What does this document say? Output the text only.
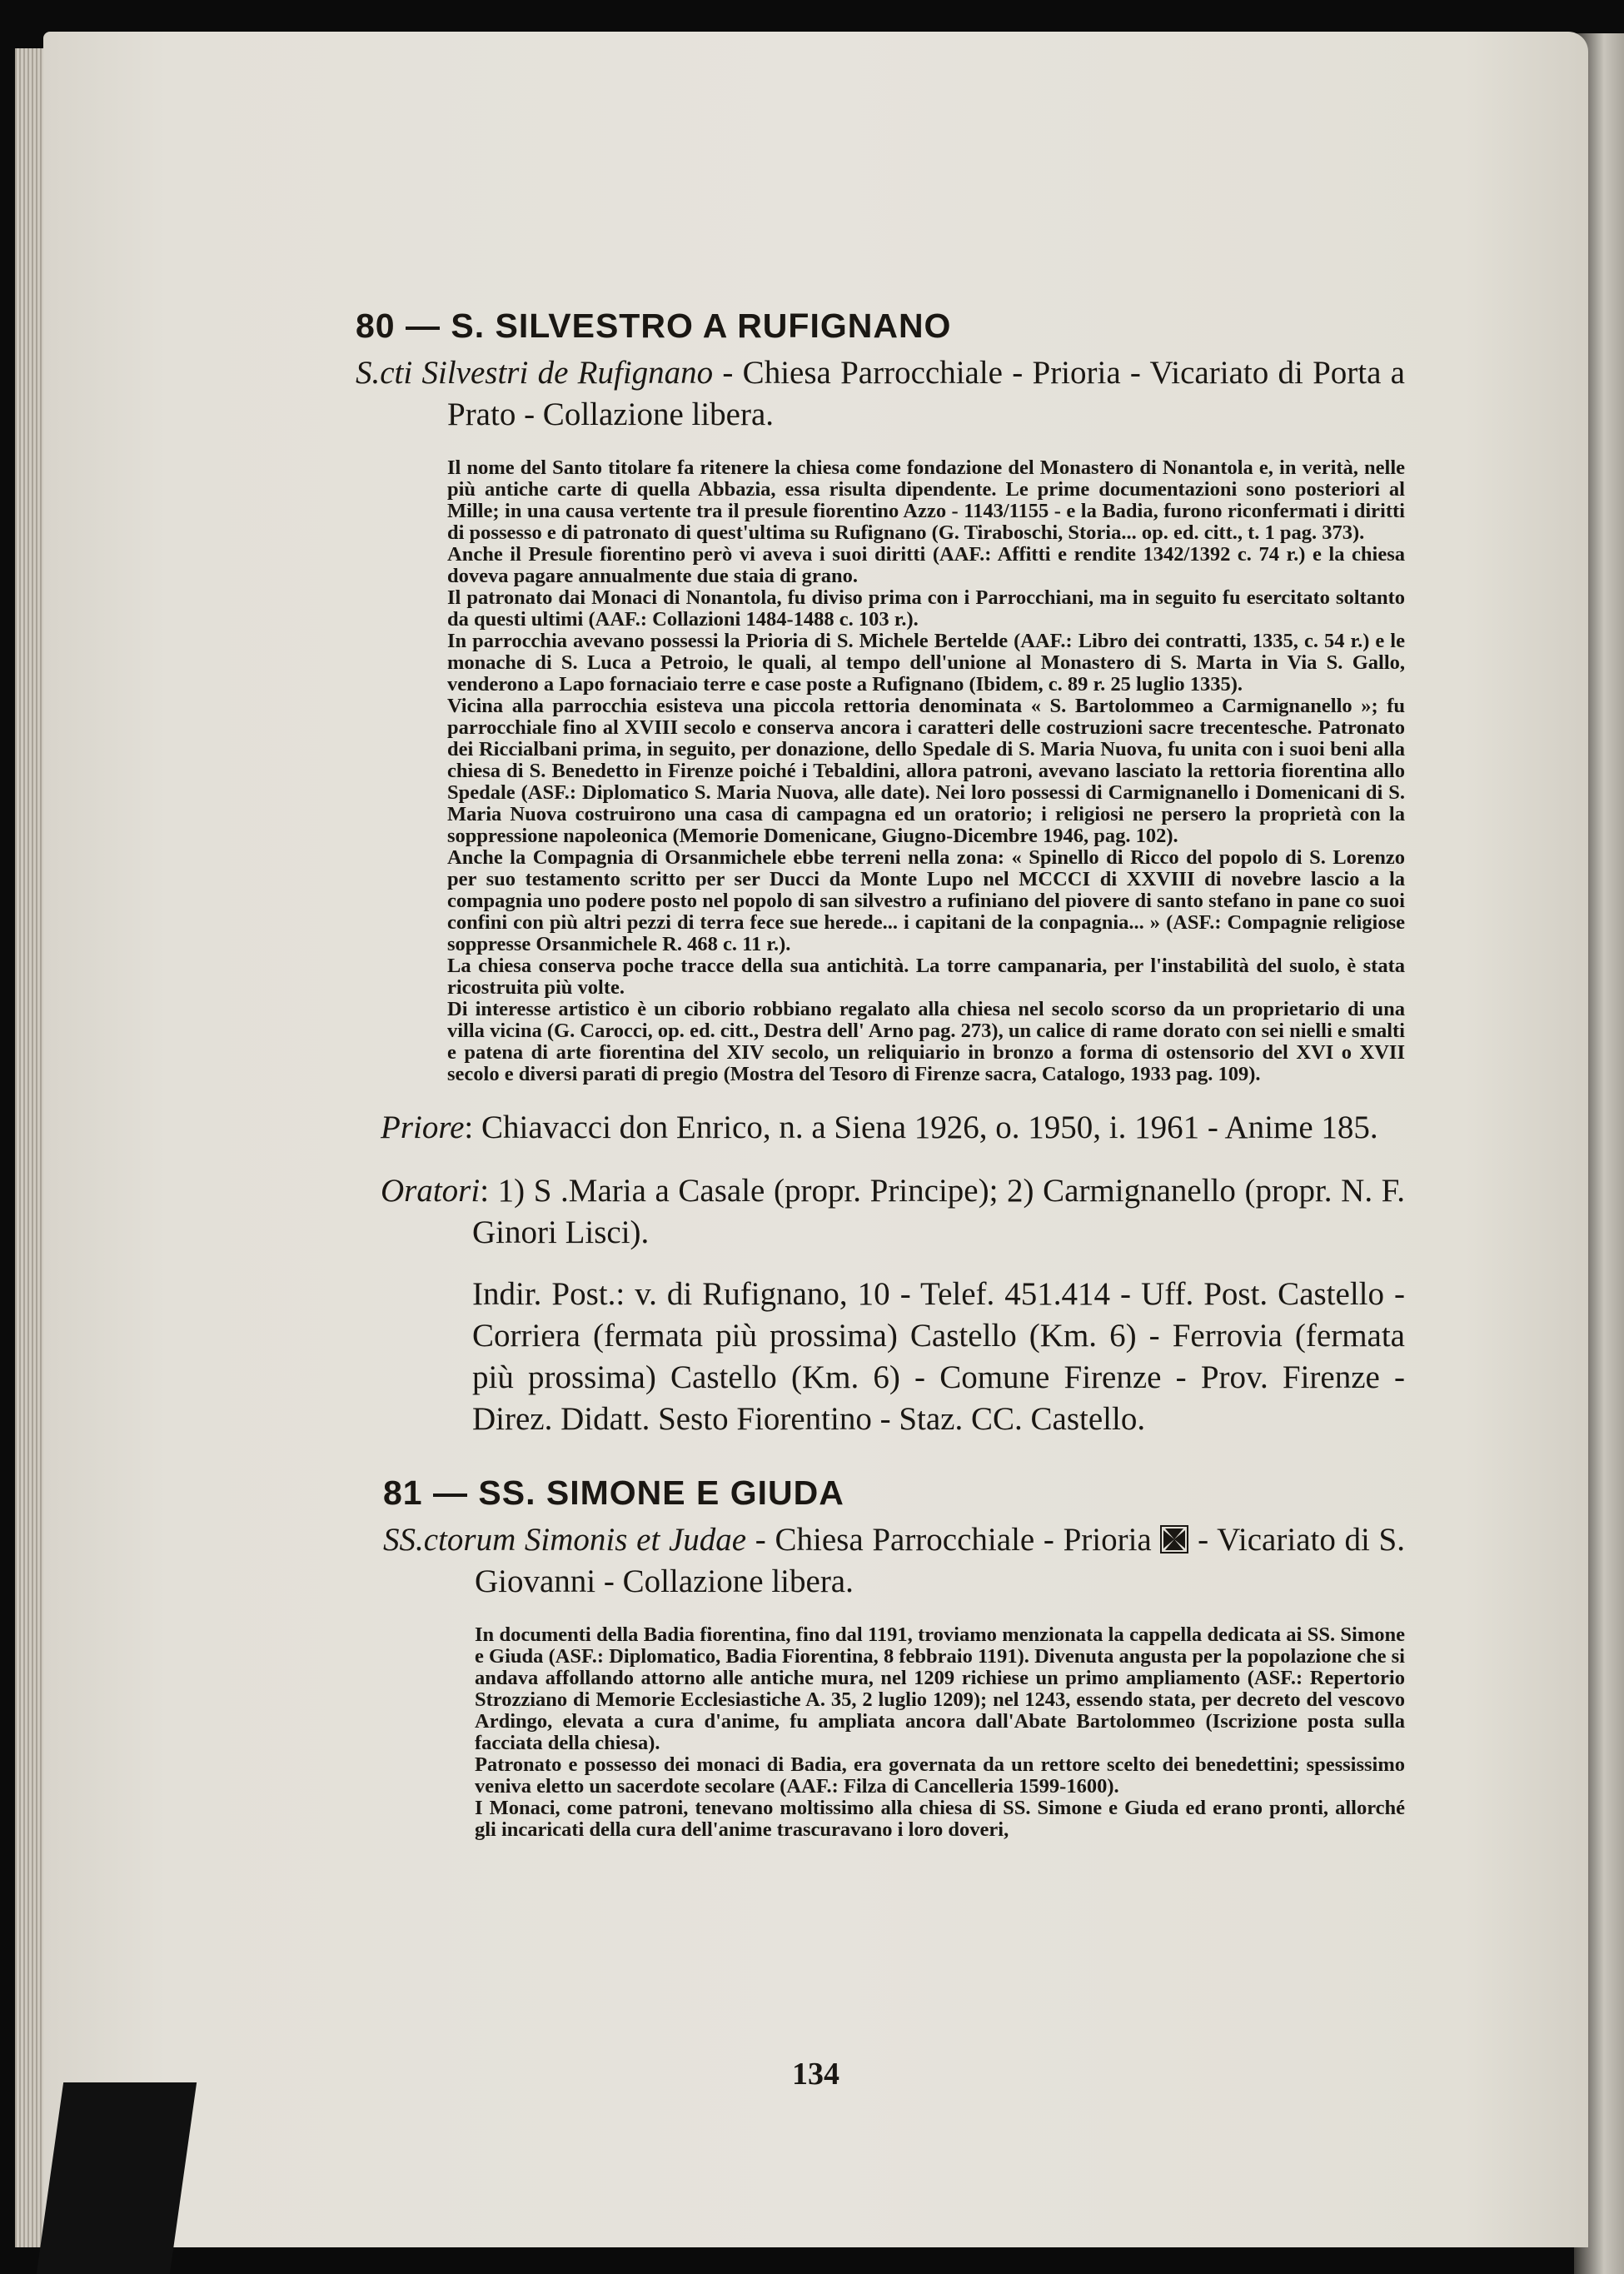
80 — S. SILVESTRO A RUFIGNANO
S.cti Silvestri de Rufignano - Chiesa Parrocchiale - Prioria - Vicariato di Porta a Prato - Collazione libera.

Il nome del Santo titolare fa ritenere la chiesa come fondazione del Monastero di Nonantola e, in verità, nelle più antiche carte di quella Abbazia, essa risulta dipendente. Le prime documentazioni sono posteriori al Mille; in una causa vertente tra il presule fiorentino Azzo - 1143/1155 - e la Badia, furono riconfermati i diritti di possesso e di patronato di quest'ultima su Rufignano (G. Tiraboschi, Storia... op. ed. citt., t. 1 pag. 373).

Anche il Presule fiorentino però vi aveva i suoi diritti (AAF.: Affitti e rendite 1342/1392 c. 74 r.) e la chiesa doveva pagare annualmente due staia di grano.

Il patronato dai Monaci di Nonantola, fu diviso prima con i Parrocchiani, ma in seguito fu esercitato soltanto da questi ultimi (AAF.: Collazioni 1484-1488 c. 103 r.).

In parrocchia avevano possessi la Prioria di S. Michele Bertelde (AAF.: Libro dei contratti, 1335, c. 54 r.) e le monache di S. Luca a Petroio, le quali, al tempo dell'unione al Monastero di S. Marta in Via S. Gallo, venderono a Lapo fornaciaio terre e case poste a Rufignano (Ibidem, c. 89 r. 25 luglio 1335).

Vicina alla parrocchia esisteva una piccola rettoria denominata « S. Bartolommeo a Carmignanello »; fu parrocchiale fino al XVIII secolo e conserva ancora i caratteri delle costruzioni sacre trecentesche. Patronato dei Riccialbani prima, in seguito, per donazione, dello Spedale di S. Maria Nuova, fu unita con i suoi beni alla chiesa di S. Benedetto in Firenze poiché i Tebaldini, allora patroni, avevano lasciato la rettoria fiorentina allo Spedale (ASF.: Diplomatico S. Maria Nuova, alle date). Nei loro possessi di Carmignanello i Domenicani di S. Maria Nuova costruirono una casa di campagna ed un oratorio; i religiosi ne persero la proprietà con la soppressione napoleonica (Memorie Domenicane, Giugno-Dicembre 1946, pag. 102).

Anche la Compagnia di Orsanmichele ebbe terreni nella zona: « Spinello di Ricco del popolo di S. Lorenzo per suo testamento scritto per ser Ducci da Monte Lupo nel MCCCI di XXVIII di novebre lascio a la compagnia uno podere posto nel popolo di san silvestro a rufiniano del piovere di santo stefano in pane co suoi confini con più altri pezzi di terra fece sue herede... i capitani de la conpagnia... » (ASF.: Compagnie religiose soppresse Orsanmichele R. 468 c. 11 r.).

La chiesa conserva poche tracce della sua antichità. La torre campanaria, per l'instabilità del suolo, è stata ricostruita più volte.

Di interesse artistico è un ciborio robbiano regalato alla chiesa nel secolo scorso da un proprietario di una villa vicina (G. Carocci, op. ed. citt., Destra dell' Arno pag. 273), un calice di rame dorato con sei nielli e smalti e patena di arte fiorentina del XIV secolo, un reliquiario in bronzo a forma di ostensorio del XVI o XVII secolo e diversi parati di pregio (Mostra del Tesoro di Firenze sacra, Catalogo, 1933 pag. 109).

Priore: Chiavacci don Enrico, n. a Siena 1926, o. 1950, i. 1961 - Anime 185.
Oratori: 1) S .Maria a Casale (propr. Principe); 2) Carmignanello (propr. N. F. Ginori Lisci).
Indir. Post.: v. di Rufignano, 10 - Telef. 451.414 - Uff. Post. Castello - Corriera (fermata più prossima) Castello (Km. 6) - Ferrovia (fermata più prossima) Castello (Km. 6) - Comune Firenze - Prov. Firenze - Direz. Didatt. Sesto Fiorentino - Staz. CC. Castello.
81 — SS. SIMONE E GIUDA
SS.ctorum Simonis et Judae - Chiesa Parrocchiale - Prioria  - Vicariato di S. Giovanni - Collazione libera.

In documenti della Badia fiorentina, fino dal 1191, troviamo menzionata la cappella dedicata ai SS. Simone e Giuda (ASF.: Diplomatico, Badia Fiorentina, 8 febbraio 1191). Divenuta angusta per la popolazione che si andava affollando attorno alle antiche mura, nel 1209 richiese un primo ampliamento (ASF.: Repertorio Strozziano di Memorie Ecclesiastiche A. 35, 2 luglio 1209); nel 1243, essendo stata, per decreto del vescovo Ardingo, elevata a cura d'anime, fu ampliata ancora dall'Abate Bartolommeo (Iscrizione posta sulla facciata della chiesa).

Patronato e possesso dei monaci di Badia, era governata da un rettore scelto dei benedettini; spessissimo veniva eletto un sacerdote secolare (AAF.: Filza di Cancelleria 1599-1600).

I Monaci, come patroni, tenevano moltissimo alla chiesa di SS. Simone e Giuda ed erano pronti, allorché gli incaricati della cura dell'anime trascuravano i loro doveri,

134
